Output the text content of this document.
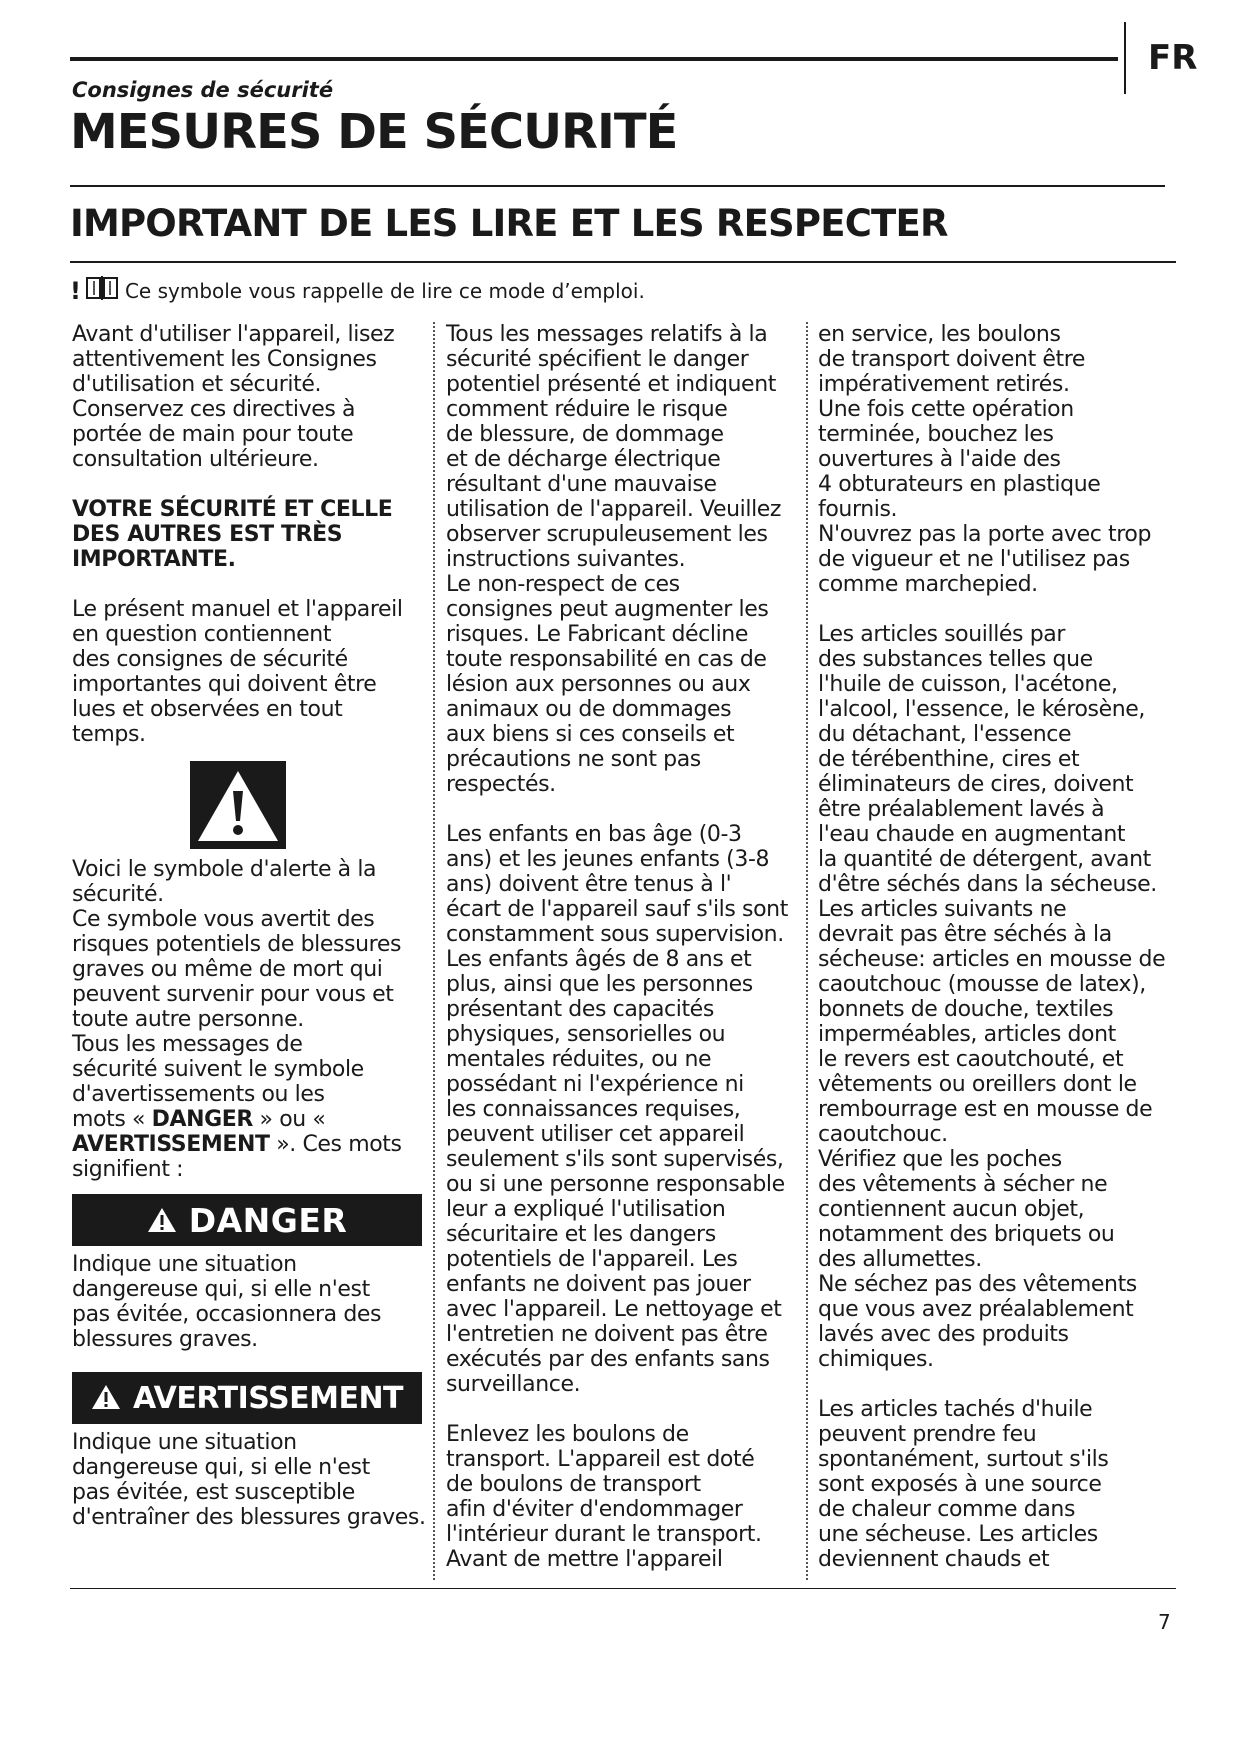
FR
Consignes de sécurité
MESURES DE SÉCURITÉ
IMPORTANT DE LES LIRE ET LES RESPECTER
! Ce symbole vous rappelle de lire ce mode d’emploi.

Avant d'utiliser l'appareil, lisez

attentivement les Consignes

d'utilisation et sécurité.

Conservez ces directives à

portée de main pour toute

consultation ultérieure.

VOTRE SÉCURITÉ ET CELLE

DES AUTRES EST TRÈS

IMPORTANTE.

Le présent manuel et l'appareil

en question contiennent

des consignes de sécurité

importantes qui doivent être

lues et observées en tout

temps.

Voici le symbole d'alerte à la

sécurité.

Ce symbole vous avertit des

risques potentiels de blessures

graves ou même de mort qui

peuvent survenir pour vous et

toute autre personne.

Tous les messages de

sécurité suivent le symbole

d'avertissements ou les

mots « DANGER » ou «

AVERTISSEMENT ». Ces mots

signifient :

DANGER

Indique une situation

dangereuse qui, si elle n'est

pas évitée, occasionnera des

blessures graves.

AVERTISSEMENT

Indique une situation

dangereuse qui, si elle n'est

pas évitée, est susceptible

d'entraîner des blessures graves.

Tous les messages relatifs à la

sécurité spécifient le danger

potentiel présenté et indiquent

comment réduire le risque

de blessure, de dommage

et de décharge électrique

résultant d'une mauvaise

utilisation de l'appareil. Veuillez

observer scrupuleusement les

instructions suivantes.

Le non-respect de ces

consignes peut augmenter les

risques. Le Fabricant décline

toute responsabilité en cas de

lésion aux personnes ou aux

animaux ou de dommages

aux biens si ces conseils et

précautions ne sont pas

respectés.

Les enfants en bas âge (0-3

ans) et les jeunes enfants (3-8

ans) doivent être tenus à l'

écart de l'appareil sauf s'ils sont

constamment sous supervision.

Les enfants âgés de 8 ans et

plus, ainsi que les personnes

présentant des capacités

physiques, sensorielles ou

mentales réduites, ou ne

possédant ni l'expérience ni

les connaissances requises,

peuvent utiliser cet appareil

seulement s'ils sont supervisés,

ou si une personne responsable

leur a expliqué l'utilisation

sécuritaire et les dangers

potentiels de l'appareil. Les

enfants ne doivent pas jouer

avec l'appareil. Le nettoyage et

l'entretien ne doivent pas être

exécutés par des enfants sans

surveillance.

Enlevez les boulons de

transport. L'appareil est doté

de boulons de transport

afin d'éviter d'endommager

l'intérieur durant le transport.

Avant de mettre l'appareil

en service, les boulons

de transport doivent être

impérativement retirés.

Une fois cette opération

terminée, bouchez les

ouvertures à l'aide des

4 obturateurs en plastique

fournis.

N'ouvrez pas la porte avec trop

de vigueur et ne l'utilisez pas

comme marchepied.

Les articles souillés par

des substances telles que

l'huile de cuisson, l'acétone,

l'alcool, l'essence, le kérosène,

du détachant, l'essence

de térébenthine, cires et

éliminateurs de cires, doivent

être préalablement lavés à

l'eau chaude en augmentant

la quantité de détergent, avant

d'être séchés dans la sécheuse.

Les articles suivants ne

devrait pas être séchés à la

sécheuse: articles en mousse de

caoutchouc (mousse de latex),

bonnets de douche, textiles

imperméables, articles dont

le revers est caoutchouté, et

vêtements ou oreillers dont le

rembourrage est en mousse de

caoutchouc.

Vérifiez que les poches

des vêtements à sécher ne

contiennent aucun objet,

notamment des briquets ou

des allumettes.

Ne séchez pas des vêtements

que vous avez préalablement

lavés avec des produits

chimiques.

Les articles tachés d'huile

peuvent prendre feu

spontanément, surtout s'ils

sont exposés à une source

de chaleur comme dans

une sécheuse. Les articles

deviennent chauds et

7
